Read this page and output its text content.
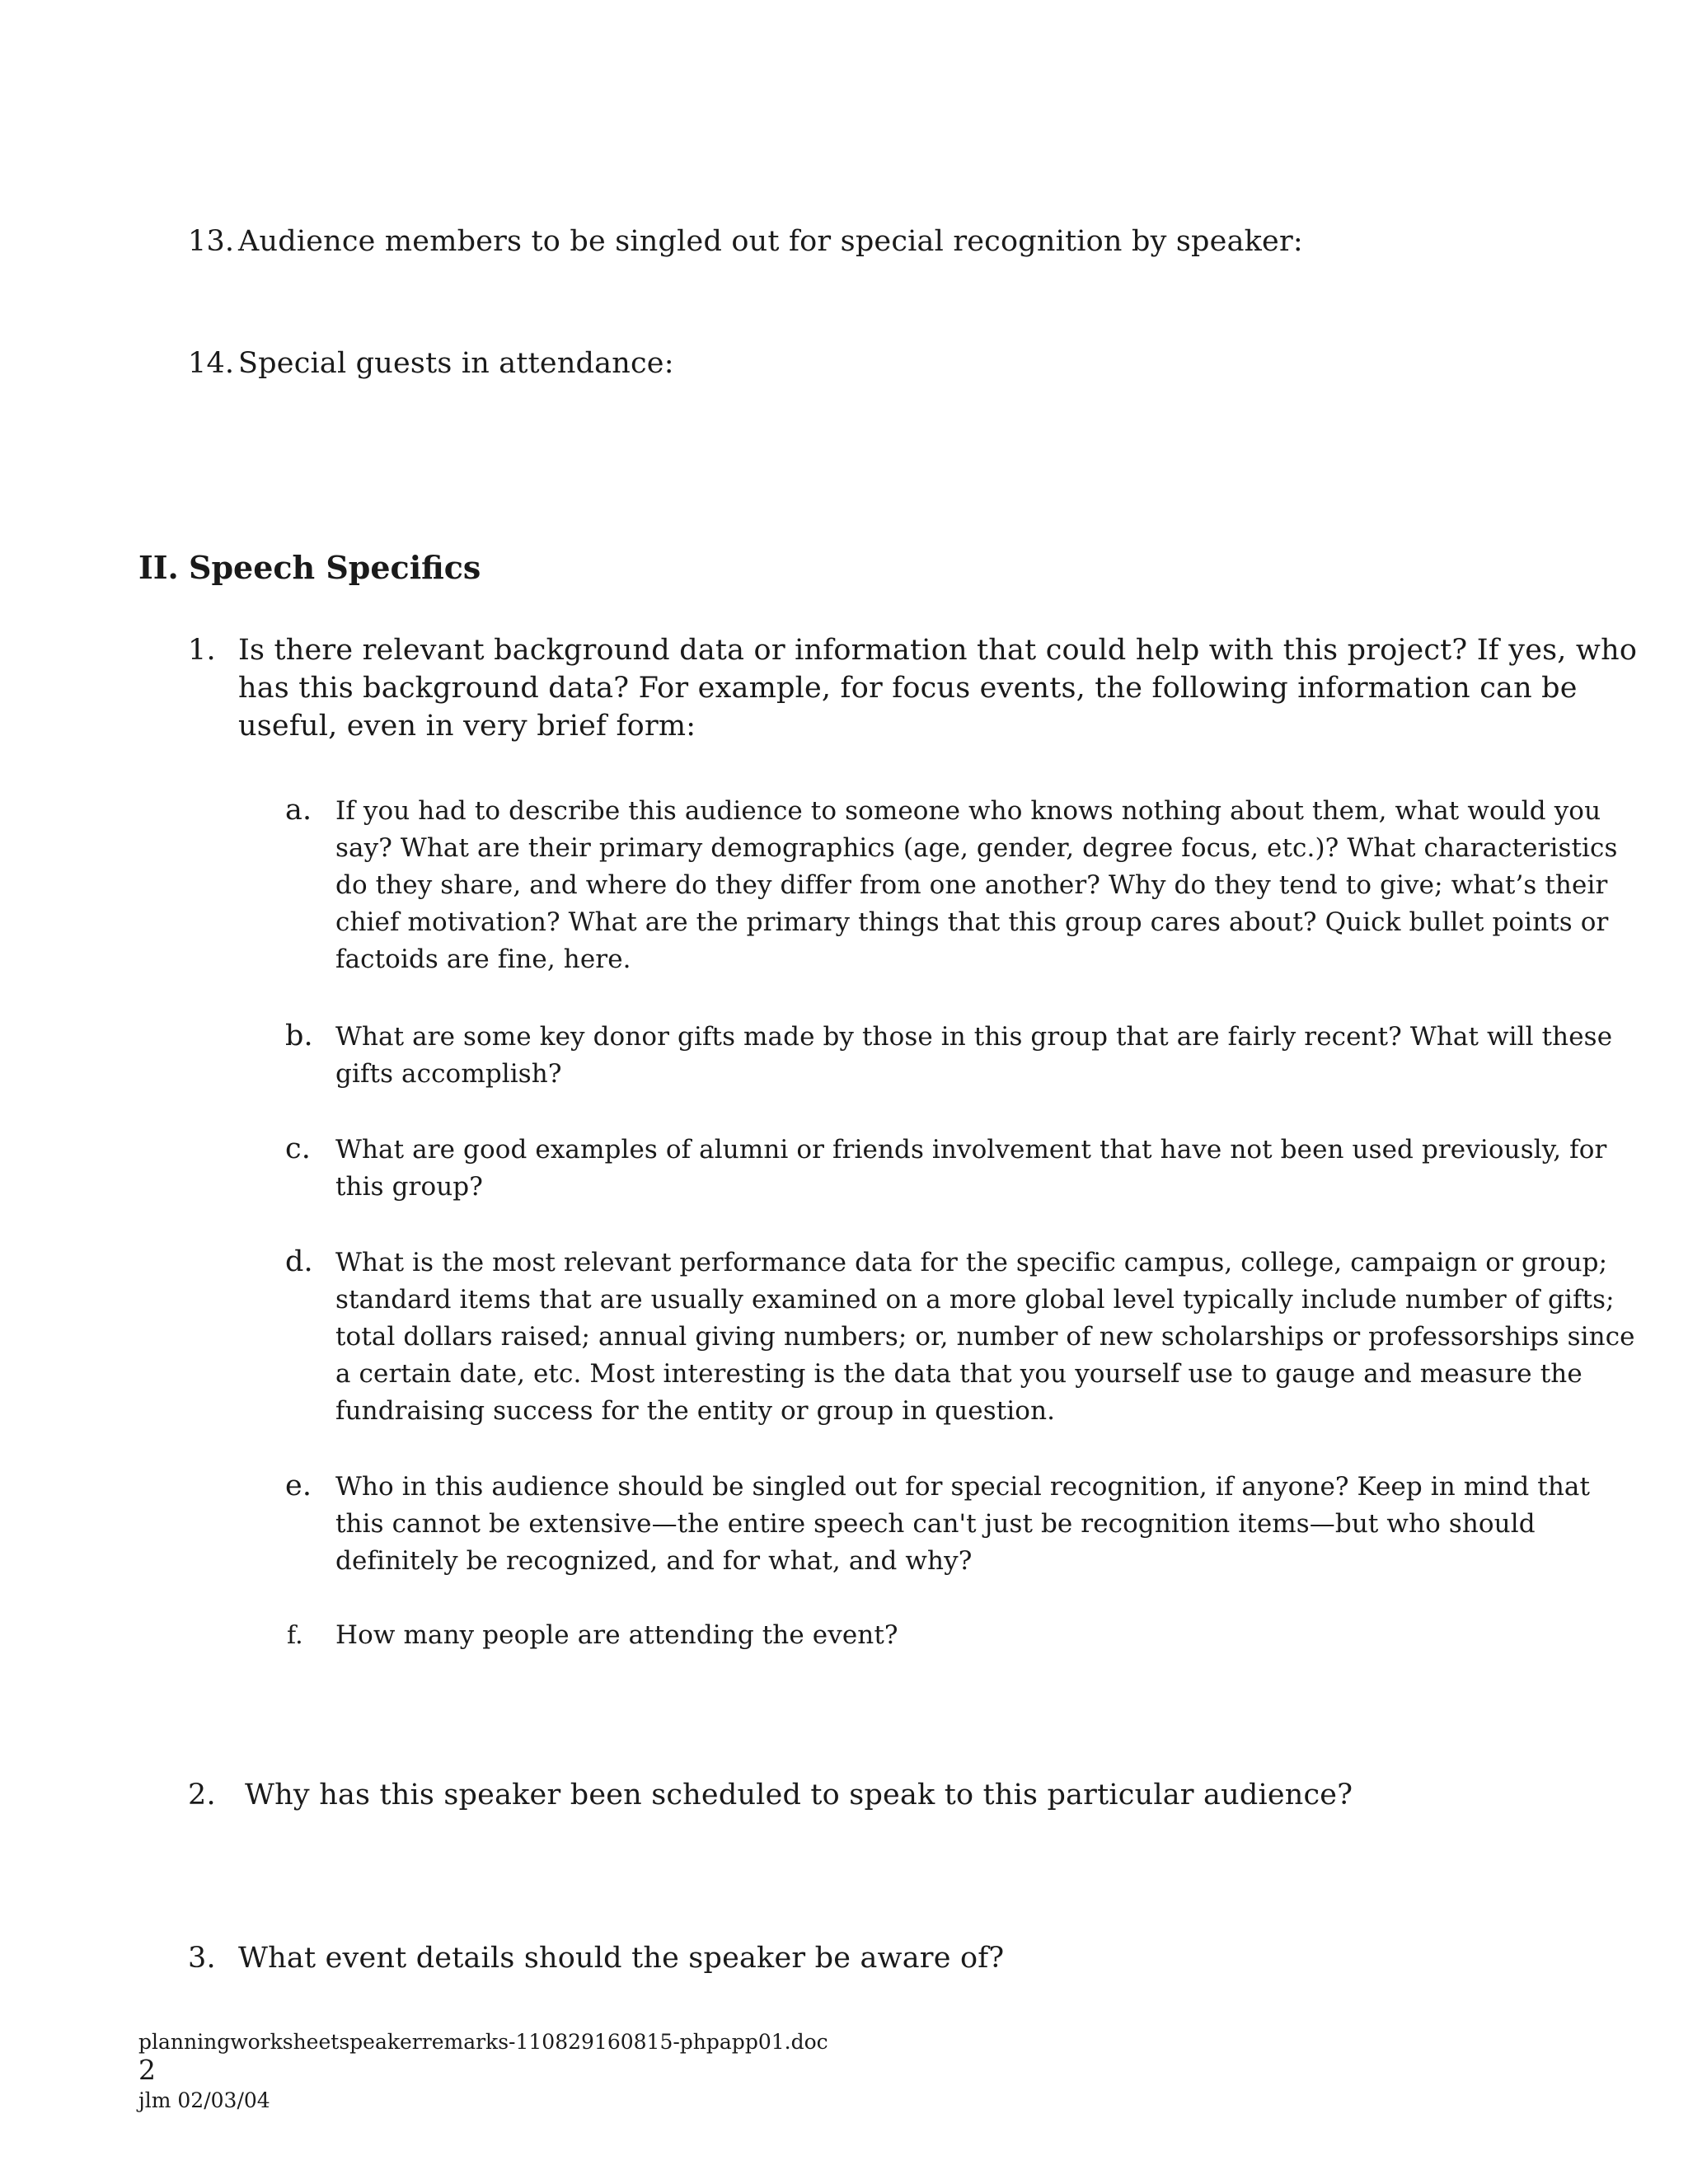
13. Audience members to be singled out for special recognition by speaker:
14. Special guests in attendance:
II. Speech Specifics
1. Is there relevant background data or information that could help with this project? If yes, who
has this background data? For example, for focus events, the following information can be
useful, even in very brief form:
a. If you had to describe this audience to someone who knows nothing about them, what would you
say? What are their primary demographics (age, gender, degree focus, etc.)? What characteristics
do they share, and where do they differ from one another? Why do they tend to give; what’s their
chief motivation? What are the primary things that this group cares about? Quick bullet points or
factoids are fine, here.
b. What are some key donor gifts made by those in this group that are fairly recent? What will these
gifts accomplish?
c. What are good examples of alumni or friends involvement that have not been used previously, for
this group?
d. What is the most relevant performance data for the specific campus, college, campaign or group;
standard items that are usually examined on a more global level typically include number of gifts;
total dollars raised; annual giving numbers; or, number of new scholarships or professorships since
a certain date, etc. Most interesting is the data that you yourself use to gauge and measure the
fundraising success for the entity or group in question.
e. Who in this audience should be singled out for special recognition, if anyone? Keep in mind that
this cannot be extensive—the entire speech can't just be recognition items—but who should
definitely be recognized, and for what, and why?
f. How many people are attending the event?
2. Why has this speaker been scheduled to speak to this particular audience?
3. What event details should the speaker be aware of?
planningworksheetspeakerremarks-110829160815-phpapp01.doc
2
jlm 02/03/04
